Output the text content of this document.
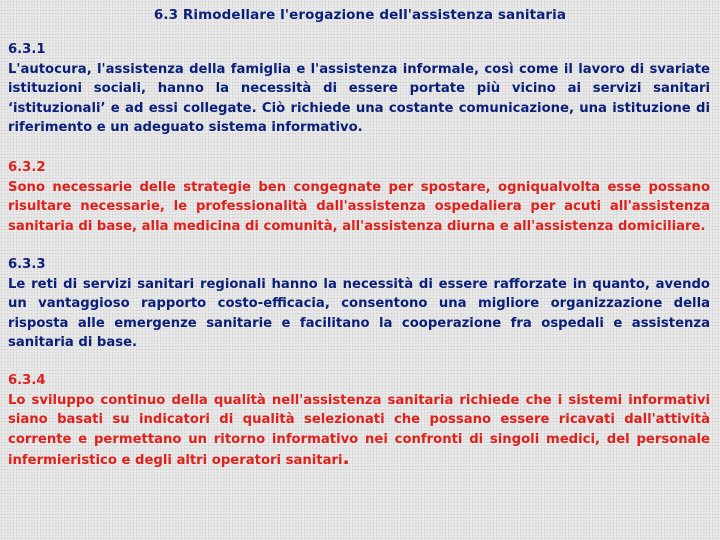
6.3 Rimodellare l'erogazione dell'assistenza sanitaria
6.3.1
L'autocura, l'assistenza della famiglia e l'assistenza informale, così come il lavoro di svariate istituzioni sociali, hanno la necessità di essere portate più vicino ai servizi sanitari ‘istituzionali’ e ad essi collegate. Ciò richiede una costante comunicazione, una istituzione di riferimento e un adeguato sistema informativo.
6.3.2
Sono necessarie delle strategie ben congegnate per spostare, ogniqualvolta esse possano risultare necessarie, le professionalità dall'assistenza ospedaliera per acuti all'assistenza sanitaria di base, alla medicina di comunità, all'assistenza diurna e all'assistenza domiciliare.
6.3.3
Le reti di servizi sanitari regionali hanno la necessità di essere rafforzate in quanto, avendo un vantaggioso rapporto costo-efficacia, consentono una migliore organizzazione della risposta alle emergenze sanitarie e facilitano la cooperazione fra ospedali e assistenza sanitaria di base.
6.3.4
Lo sviluppo continuo della qualità nell'assistenza sanitaria richiede che i sistemi informativi siano basati su indicatori di qualità selezionati che possano essere ricavati dall'attività corrente e permettano un ritorno informativo nei confronti di singoli medici, del personale infermieristico e degli altri operatori sanitari.
